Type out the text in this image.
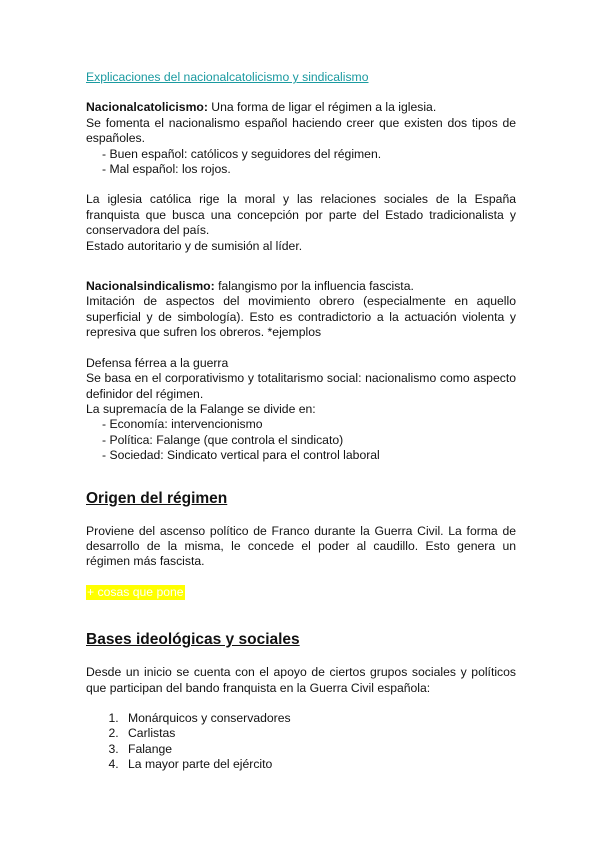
Explicaciones del nacionalcatolicismo y sindicalismo

Nacionalcatolicismo: Una forma de ligar el régimen a la iglesia.

Se fomenta el nacionalismo español haciendo creer que existen dos tipos de españoles.

- Buen español: católicos y seguidores del régimen.
- Mal español: los rojos.

La iglesia católica rige la moral y las relaciones sociales de la España franquista que busca una concepción por parte del Estado tradicionalista y conservadora del país.

Estado autoritario y de sumisión al líder.

Nacionalsindicalismo: falangismo por la influencia fascista.

Imitación de aspectos del movimiento obrero (especialmente en aquello superficial y de simbología). Esto es contradictorio a la actuación violenta y represiva que sufren los obreros. *ejemplos

Defensa férrea a la guerra

Se basa en el corporativismo y totalitarismo social: nacionalismo como aspecto definidor del régimen.

La supremacía de la Falange se divide en:

- Economía: intervencionismo
- Política: Falange (que controla el sindicato)
- Sociedad: Sindicato vertical para el control laboral
Origen del régimen

Proviene del ascenso político de Franco durante la Guerra Civil. La forma de desarrollo de la misma, le concede el poder al caudillo. Esto genera un régimen más fascista.

+ cosas que pone
Bases ideológicas y sociales

Desde un inicio se cuenta con el apoyo de ciertos grupos sociales y políticos que participan del bando franquista en la Guerra Civil española:

1. Monárquicos y conservadores
2. Carlistas
3. Falange
4. La mayor parte del ejército
